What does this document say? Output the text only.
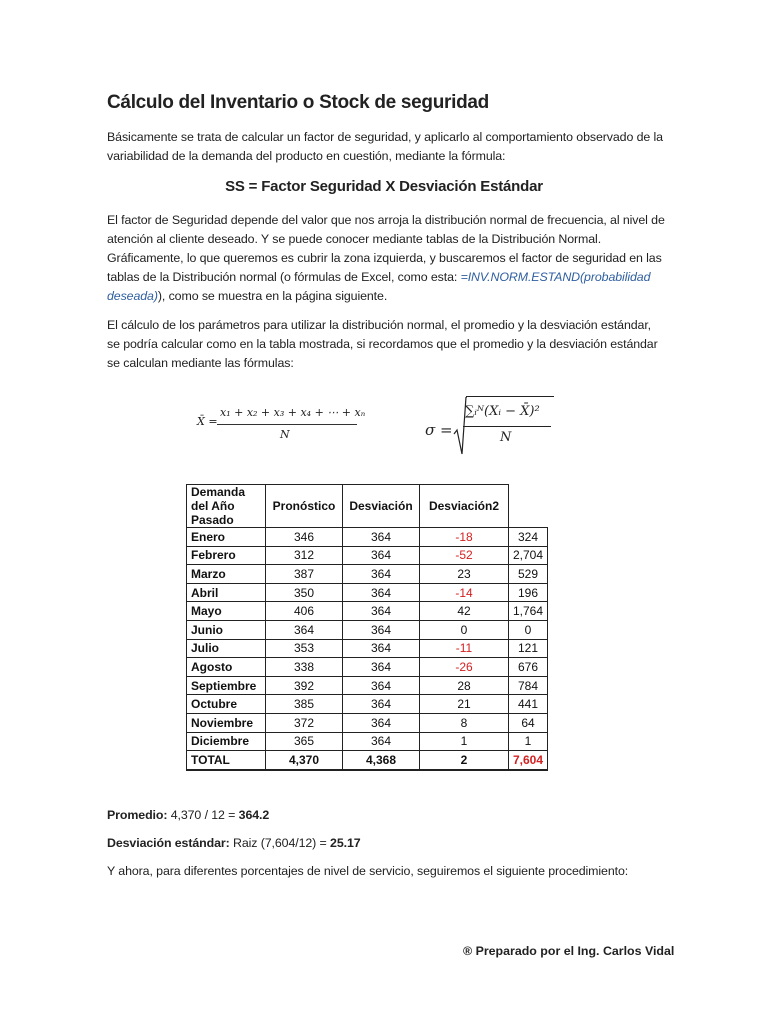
Cálculo del Inventario o Stock de seguridad
Básicamente se trata de calcular un factor de seguridad, y aplicarlo al comportamiento observado de la variabilidad de la demanda del producto en cuestión, mediante la fórmula:
SS = Factor Seguridad X Desviación Estándar
El factor de Seguridad depende del valor que nos arroja la distribución normal de frecuencia, al nivel de atención al cliente deseado. Y se puede conocer mediante tablas de la Distribución Normal. Gráficamente, lo que queremos es cubrir la zona izquierda, y buscaremos el factor de seguridad en las tablas de la Distribución normal (o fórmulas de Excel, como esta: =INV.NORM.ESTAND(probabilidad deseada)), como se muestra en la página siguiente.
El cálculo de los parámetros para utilizar la distribución normal, el promedio y la desviación estándar, se podría calcular como en la tabla mostrada, si recordamos que el promedio y la desviación estándar se calculan mediante las fórmulas:
X̄ =
x₁ + x₂ + x₃ + x₄ + ⋯ + xₙ
N	σ =
∑ᵢᴺ(Xᵢ − X̄)²
N
Demanda del Año Pasado	Pronóstico	Desviación	Desviación2	
Enero	346	364	-18	324
Febrero	312	364	-52	2,704
Marzo	387	364	23	529
Abril	350	364	-14	196
Mayo	406	364	42	1,764
Junio	364	364	0	0
Julio	353	364	-11	121
Agosto	338	364	-26	676
Septiembre	392	364	28	784
Octubre	385	364	21	441
Noviembre	372	364	8	64
Diciembre	365	364	1	1
TOTAL	4,370	4,368	2	7,604
Promedio: 4,370 / 12 = 364.2
Desviación estándar: Raiz (7,604/12) = 25.17
Y ahora, para diferentes porcentajes de nivel de servicio, seguiremos el siguiente procedimiento:
® Preparado por el Ing. Carlos Vidal
